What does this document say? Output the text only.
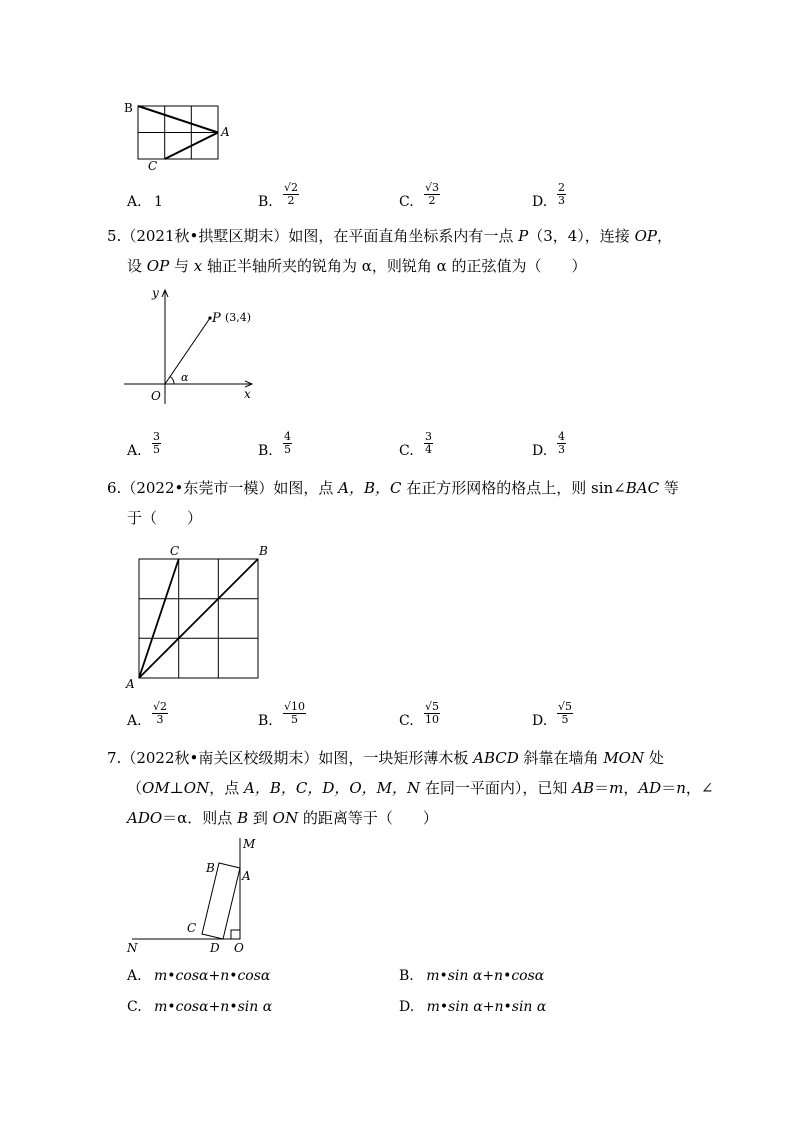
B
A
C
A. 1	B.
√2
2	C.
√3
2	D.
2
3
5.（2021秋•拱墅区期末）如图，在平面直角坐标系内有一点 P（3，4），连接 OP，
设 OP 与 x 轴正半轴所夹的锐角为 α，则锐角 α 的正弦值为（　　）
y
x
O
P (3,4)
α
A.
3
5	B.
4
5	C.
3
4	D.
4
3
6.（2022•东莞市一模）如图，点 A，B，C 在正方形网格的格点上，则 sin∠BAC 等
于（　　）
C	B
A
A.
√2
3	B.
√10
5	C.
√5
10	D.
√5
5
7.（2022秋•南关区校级期末）如图，一块矩形薄木板 ABCD 斜靠在墙角 MON 处
（OM⊥ON，点 A，B，C，D，O，M，N 在同一平面内），已知 AB＝m，AD＝n，∠
ADO＝α．则点 B 到 ON 的距离等于（　　）
M
B
A
C
N	D O
A. m•cosα+n•cosα	B. m•sin α+n•cosα
C. m•cosα+n•sin α	D. m•sin α+n•sin α
